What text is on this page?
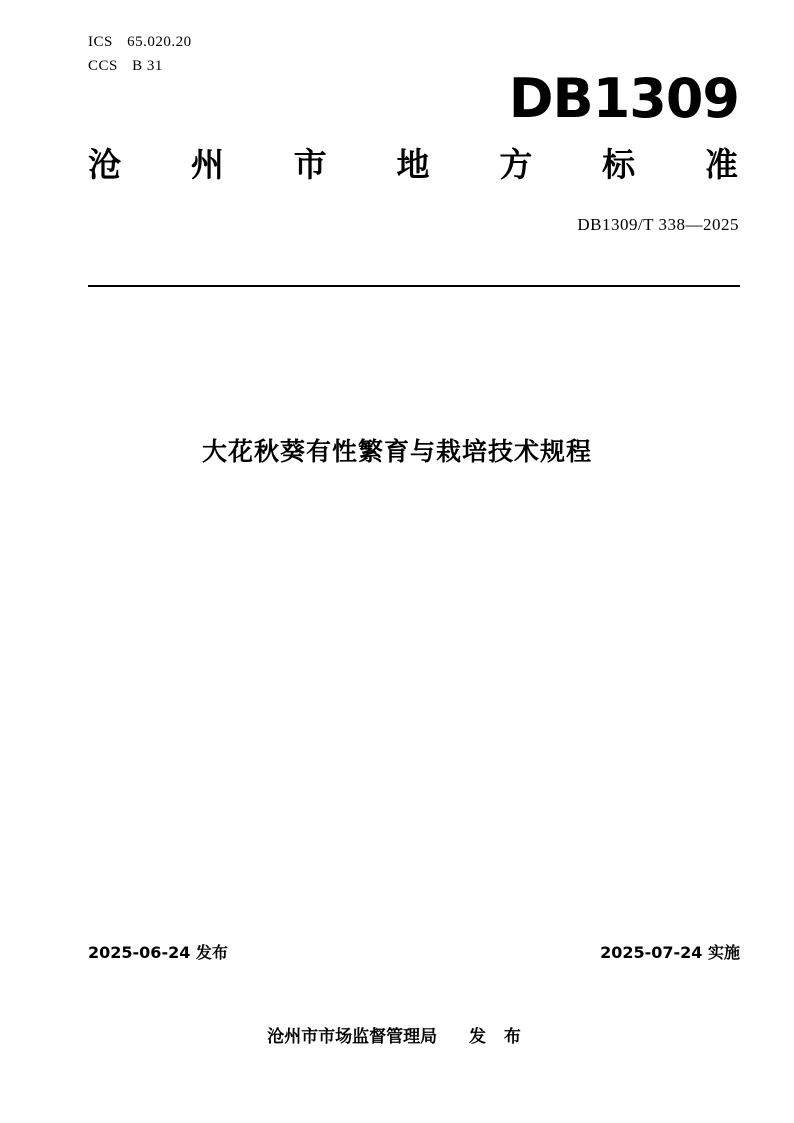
ICS 65.020.20
CCS B 31
DB1309
沧 州 市 地 方 标 准
DB1309/T 338—2025
大花秋葵有性繁育与栽培技术规程
2025-06-24 发布	2025-07-24 实施
沧州市市场监督管理局 发 布
